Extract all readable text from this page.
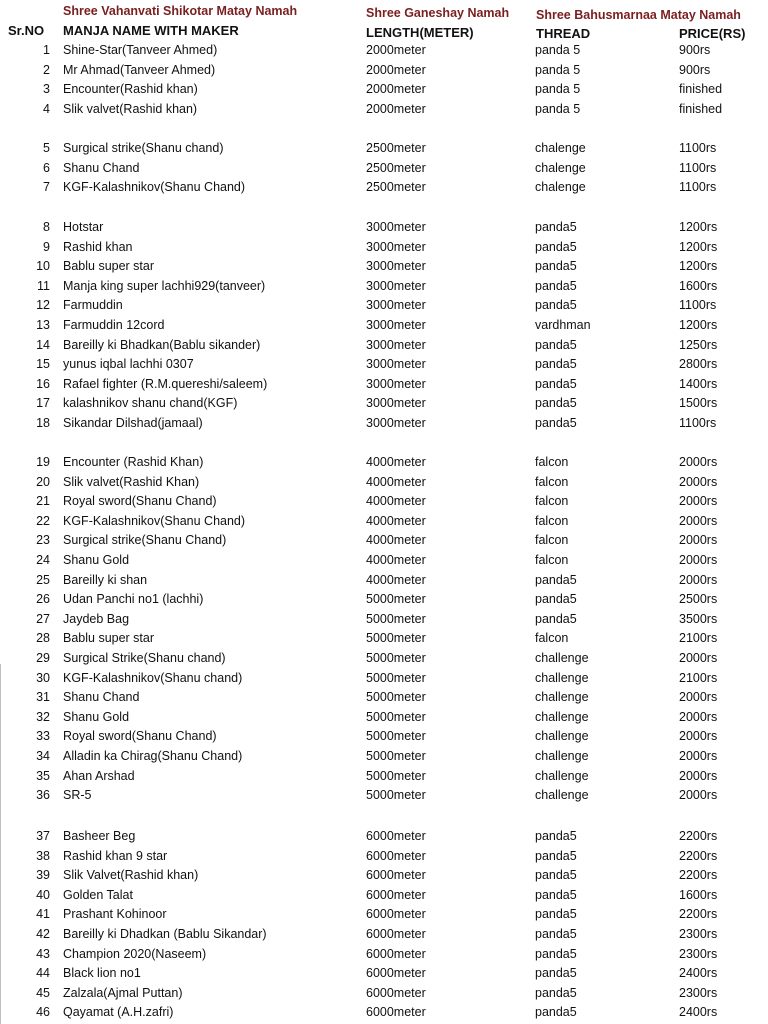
Shree Vahanvati Shikotar Matay Namah	Shree Ganeshay Namah Shree Bahusmarnaa Matay Namah
Sr.NO MANJA NAME WITH MAKER	LENGTH(METER)	THREAD	PRICE(RS)
1 Shine-Star(Tanveer Ahmed)	2000meter	panda 5	900rs
2 Mr Ahmad(Tanveer Ahmed)	2000meter	panda 5	900rs
3 Encounter(Rashid khan)	2000meter	panda 5	finished
4 Slik valvet(Rashid khan)	2000meter	panda 5	finished
5 Surgical strike(Shanu chand)	2500meter	chalenge	1100rs
6 Shanu Chand	2500meter	chalenge	1100rs
7 KGF-Kalashnikov(Shanu Chand)	2500meter	chalenge	1100rs
8 Hotstar	3000meter	panda5	1200rs
9 Rashid khan	3000meter	panda5	1200rs
10 Bablu super star	3000meter	panda5	1200rs
11 Manja king super lachhi929(tanveer)	3000meter	panda5	1600rs
12 Farmuddin	3000meter	panda5	1100rs
13 Farmuddin 12cord	3000meter	vardhman	1200rs
14 Bareilly ki Bhadkan(Bablu sikander)	3000meter	panda5	1250rs
15 yunus iqbal lachhi 0307	3000meter	panda5	2800rs
16 Rafael fighter (R.M.quereshi/saleem)	3000meter	panda5	1400rs
17 kalashnikov shanu chand(KGF)	3000meter	panda5	1500rs
18 Sikandar Dilshad(jamaal)	3000meter	panda5	1100rs
19 Encounter (Rashid Khan)	4000meter	falcon	2000rs
20 Slik valvet(Rashid Khan)	4000meter	falcon	2000rs
21 Royal sword(Shanu Chand)	4000meter	falcon	2000rs
22 KGF-Kalashnikov(Shanu Chand)	4000meter	falcon	2000rs
23 Surgical strike(Shanu Chand)	4000meter	falcon	2000rs
24 Shanu Gold	4000meter	falcon	2000rs
25 Bareilly ki shan	4000meter	panda5	2000rs
26 Udan Panchi no1 (lachhi)	5000meter	panda5	2500rs
27 Jaydeb Bag	5000meter	panda5	3500rs
28 Bablu super star	5000meter	falcon	2100rs
29 Surgical Strike(Shanu chand)	5000meter	challenge	2000rs
30 KGF-Kalashnikov(Shanu chand)	5000meter	challenge	2100rs
31 Shanu Chand	5000meter	challenge	2000rs
32 Shanu Gold	5000meter	challenge	2000rs
33 Royal sword(Shanu Chand)	5000meter	challenge	2000rs
34 Alladin ka Chirag(Shanu Chand)	5000meter	challenge	2000rs
35 Ahan Arshad	5000meter	challenge	2000rs
36 SR-5	5000meter	challenge	2000rs
37 Basheer Beg	6000meter	panda5	2200rs
38 Rashid khan 9 star	6000meter	panda5	2200rs
39 Slik Valvet(Rashid khan)	6000meter	panda5	2200rs
40 Golden Talat	6000meter	panda5	1600rs
41 Prashant Kohinoor	6000meter	panda5	2200rs
42 Bareilly ki Dhadkan (Bablu Sikandar)	6000meter	panda5	2300rs
43 Champion 2020(Naseem)	6000meter	panda5	2300rs
44 Black lion no1	6000meter	panda5	2400rs
45 Zalzala(Ajmal Puttan)	6000meter	panda5	2300rs
46 Qayamat (A.H.zafri)	6000meter	panda5	2400rs
